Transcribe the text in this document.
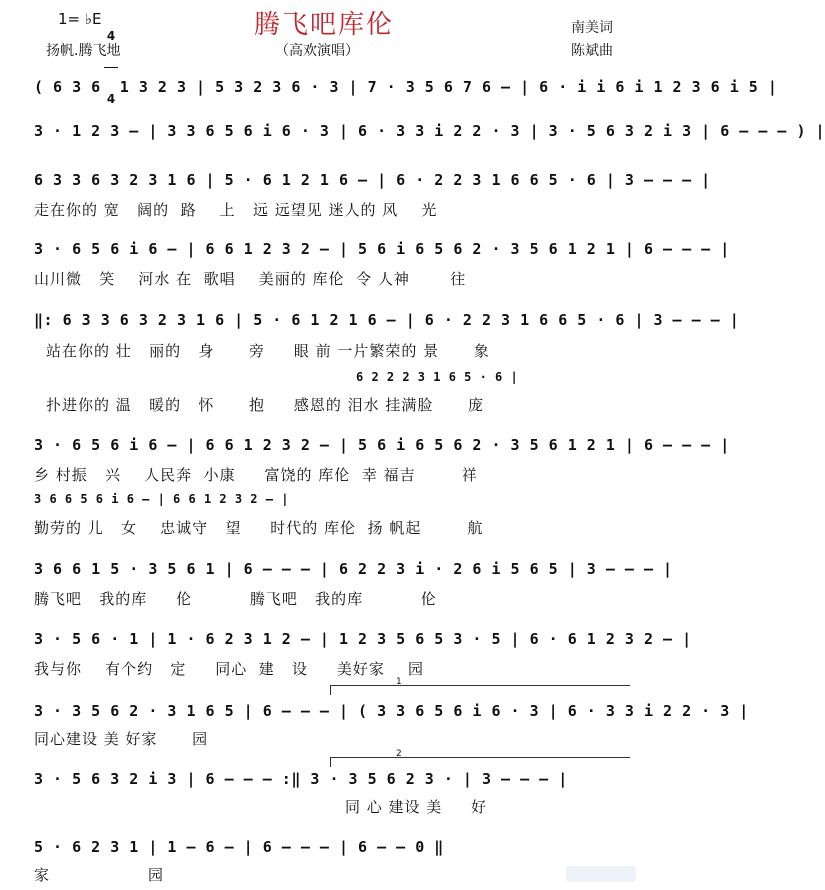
腾飞吧库伦
1= ♭E

4

4

扬帆.腾飞地	（高欢演唱）
南美词
陈斌曲
( 6 3 6  1 3 2 3 | 5 3 2 3 6 · 3 | 7 · 3 5 6 7 6 – | 6 · i i 6 i 1 2 3 6 i 5 |
3 · 1 2 3 – | 3 3 6 5 6 i 6 · 3 | 6 · 3 3 i 2 2 · 3 | 3 · 5 6 3 2 i 3 | 6 – – – ) |
6 3 3 6 3 2 3 1 6 | 5 · 6 1 2 1 6 – | 6 · 2 2 3 1 6 6 5 · 6 | 3 – – – |
走在你的 宽   阔的  路    上   远 远望见 迷人的 风    光
3 · 6 5 6 i 6 – | 6 6 1 2 3 2 – | 5 6 i 6 5 6 2 · 3 5 6 1 2 1 | 6 – – – |
山川微   笑    河水 在  歌唱    美丽的 库伦  令 人神       往
‖: 6 3 3 6 3 2 3 1 6 | 5 · 6 1 2 1 6 – | 6 · 2 2 3 1 6 6 5 · 6 | 3 – – – |
站在你的 壮   丽的   身      旁     眼 前 一片繁荣的 景      象
6 2 2 2 3 1 6 5 · 6 |
扑进你的 温   暖的   怀      抱     感恩的 泪水 挂满脸      庞
3 · 6 5 6 i 6 – | 6 6 1 2 3 2 – | 5 6 i 6 5 6 2 · 3 5 6 1 2 1 | 6 – – – |
乡 村振   兴    人民奔  小康     富饶的 库伦  幸 福吉        祥
3 6 6 5 6 i 6 – | 6 6 1 2 3 2 – |
勤劳的 儿   女    忠诚守   望     时代的 库伦  扬 帆起        航
3 6 6 1 5 · 3 5 6 1 | 6 – – – | 6 2 2 3 i · 2 6 i 5 6 5 | 3 – – – |
腾飞吧   我的库     伦          腾飞吧   我的库          伦
3 · 5 6 · 1 | 1 · 6 2 3 1 2 – | 1 2 3 5 6 5 3 · 5 | 6 · 6 1 2 3 2 – |
我与你    有个约   定     同心  建   设     美好家    园
1
3 · 3 5 6 2 · 3 1 6 5 | 6 – – – | ( 3 3 6 5 6 i 6 · 3 | 6 · 3 3 i 2 2 · 3 |
同心建设 美 好家      园
2
3 · 5 6 3 2 i 3 | 6 – – – :‖ 3 · 3 5 6 2 3 · | 3 – – – |
同 心 建设 美     好
5 · 6 2 3 1 | 1 – 6 – | 6 – – – | 6 – – 0 ‖
家                 园
